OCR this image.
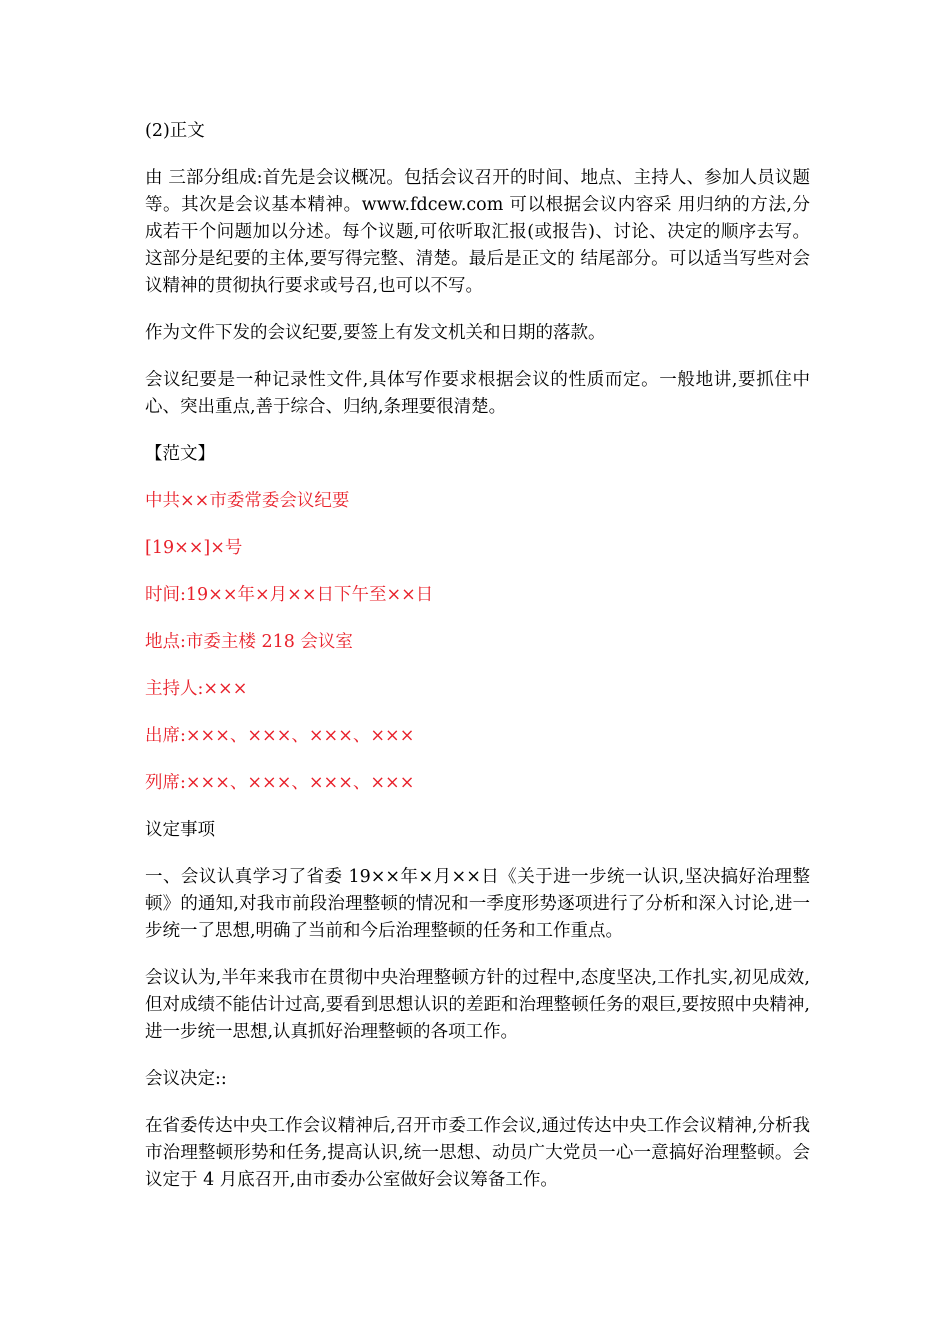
(2)正文

由 三部分组成:首先是会议概况。包括会议召开的时间、地点、主持人、参加人员议题等。其次是会议基本精神。www.fdcew.com 可以根据会议内容采 用归纳的方法,分成若干个问题加以分述。每个议题,可依听取汇报(或报告)、讨论、决定的顺序去写。这部分是纪要的主体,要写得完整、清楚。最后是正文的 结尾部分。可以适当写些对会议精神的贯彻执行要求或号召,也可以不写。

作为文件下发的会议纪要,要签上有发文机关和日期的落款。

会议纪要是一种记录性文件,具体写作要求根据会议的性质而定。一般地讲,要抓住中心、突出重点,善于综合、归纳,条理要很清楚。

【范文】

中共××市委常委会议纪要

[19××]×号

时间:19××年×月××日下午至××日

地点:市委主楼 218 会议室

主持人:×××

出席:×××、×××、×××、×××

列席:×××、×××、×××、×××

议定事项

一、会议认真学习了省委 19××年×月××日《关于进一步统一认识,坚决搞好治理整顿》的通知,对我市前段治理整顿的情况和一季度形势逐项进行了分析和深入讨论,进一步统一了思想,明确了当前和今后治理整顿的任务和工作重点。

会议认为,半年来我市在贯彻中央治理整顿方针的过程中,态度坚决,工作扎实,初见成效,但对成绩不能估计过高,要看到思想认识的差距和治理整顿任务的艰巨,要按照中央精神,进一步统一思想,认真抓好治理整顿的各项工作。

会议决定::

在省委传达中央工作会议精神后,召开市委工作会议,通过传达中央工作会议精神,分析我市治理整顿形势和任务,提高认识,统一思想、动员广大党员一心一意搞好治理整顿。会议定于 4 月底召开,由市委办公室做好会议筹备工作。
